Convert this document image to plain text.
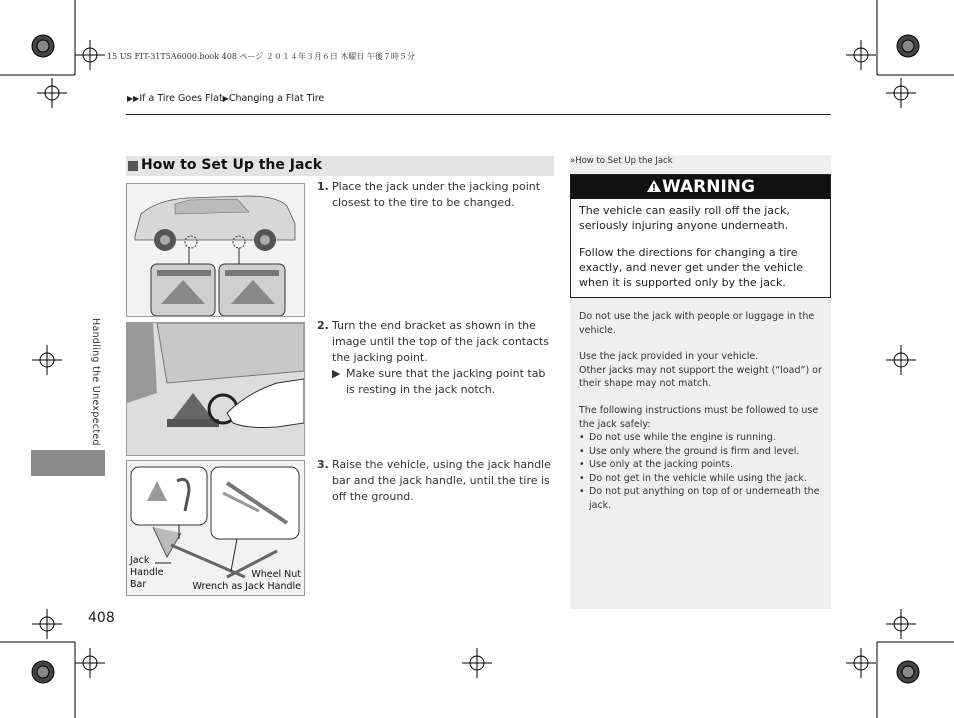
15 US FIT-31T5A6000.book 408 ページ ２０１４年３月６日 木曜日 午後７時５分
▶▶If a Tire Goes Flat▶Changing a Flat Tire
Handling the Unexpected
408
How to Set Up the Jack
Jack
Handle
Bar
Wheel Nut
Wrench as Jack Handle
1. Place the jack under the jacking point closest to the tire to be changed.
2. Turn the end bracket as shown in the image until the top of the jack contacts the jacking point.
▶ Make sure that the jacking point tab is resting in the jack notch.
3. Raise the vehicle, using the jack handle bar and the jack handle, until the tire is off the ground.
»How to Set Up the Jack
WARNING
The vehicle can easily roll off the jack, seriously injuring anyone underneath.
Follow the directions for changing a tire exactly, and never get under the vehicle when it is supported only by the jack.
Do not use the jack with people or luggage in the vehicle.
Use the jack provided in your vehicle.
Other jacks may not support the weight (“load”) or their shape may not match.
The following instructions must be followed to use the jack safely:
• Do not use while the engine is running.
• Use only where the ground is firm and level.
• Use only at the jacking points.
• Do not get in the vehicle while using the jack.
• Do not put anything on top of or underneath the jack.
